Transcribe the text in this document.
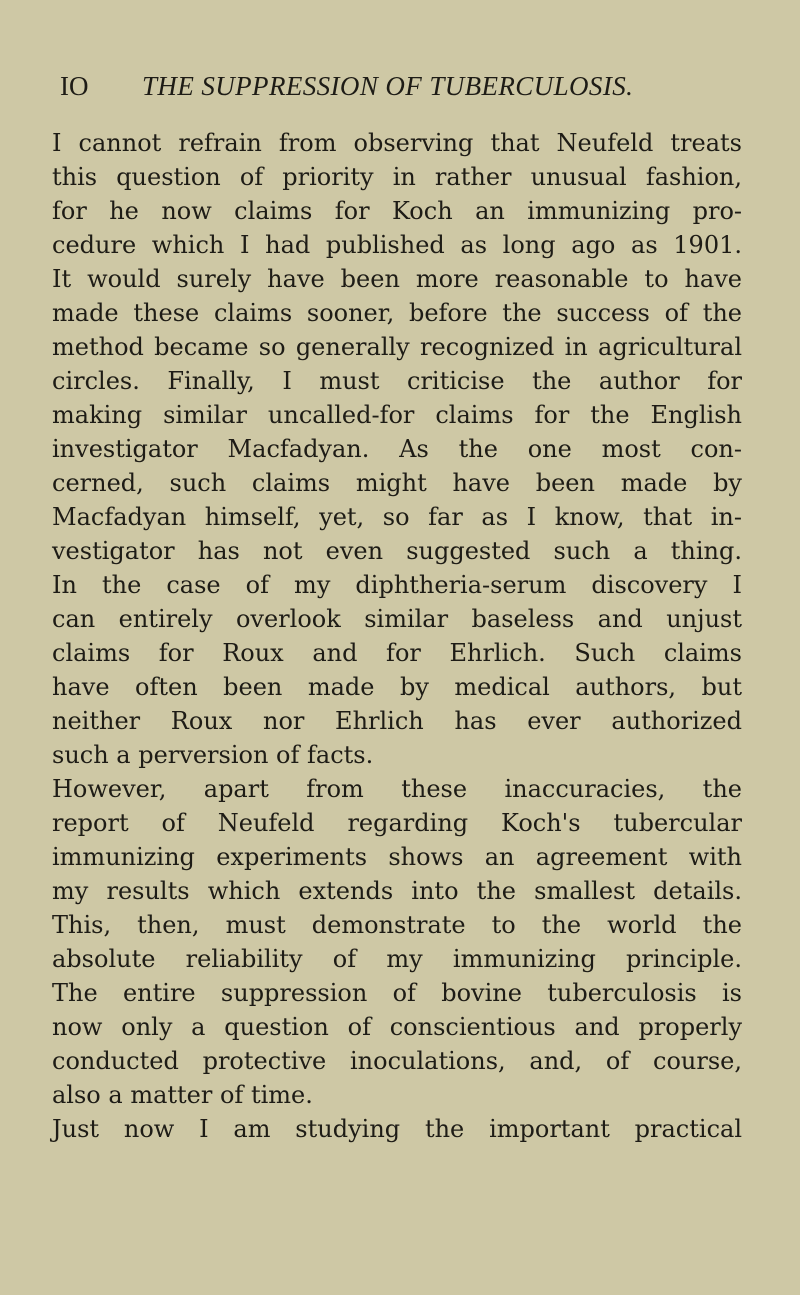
IO THE SUPPRESSION OF TUBERCULOSIS.
I cannot refrain from observing that Neufeld treats
this question of priority in rather unusual fashion,
for he now claims for Koch an immunizing pro-
cedure which I had published as long ago as 1901.
It would surely have been more reasonable to have
made these claims sooner, before the success of the
method became so generally recognized in agricultural
circles. Finally, I must criticise the author for
making similar uncalled-for claims for the English
investigator Macfadyan. As the one most con-
cerned, such claims might have been made by
Macfadyan himself, yet, so far as I know, that in-
vestigator has not even suggested such a thing.
In the case of my diphtheria-serum discovery I
can entirely overlook similar baseless and unjust
claims for Roux and for Ehrlich. Such claims
have often been made by medical authors, but
neither Roux nor Ehrlich has ever authorized
such a perversion of facts.
However, apart from these inaccuracies, the
report of Neufeld regarding Koch's tubercular
immunizing experiments shows an agreement with
my results which extends into the smallest details.
This, then, must demonstrate to the world the
absolute reliability of my immunizing principle.
The entire suppression of bovine tuberculosis is
now only a question of conscientious and properly
conducted protective inoculations, and, of course,
also a matter of time.
Just now I am studying the important practical
